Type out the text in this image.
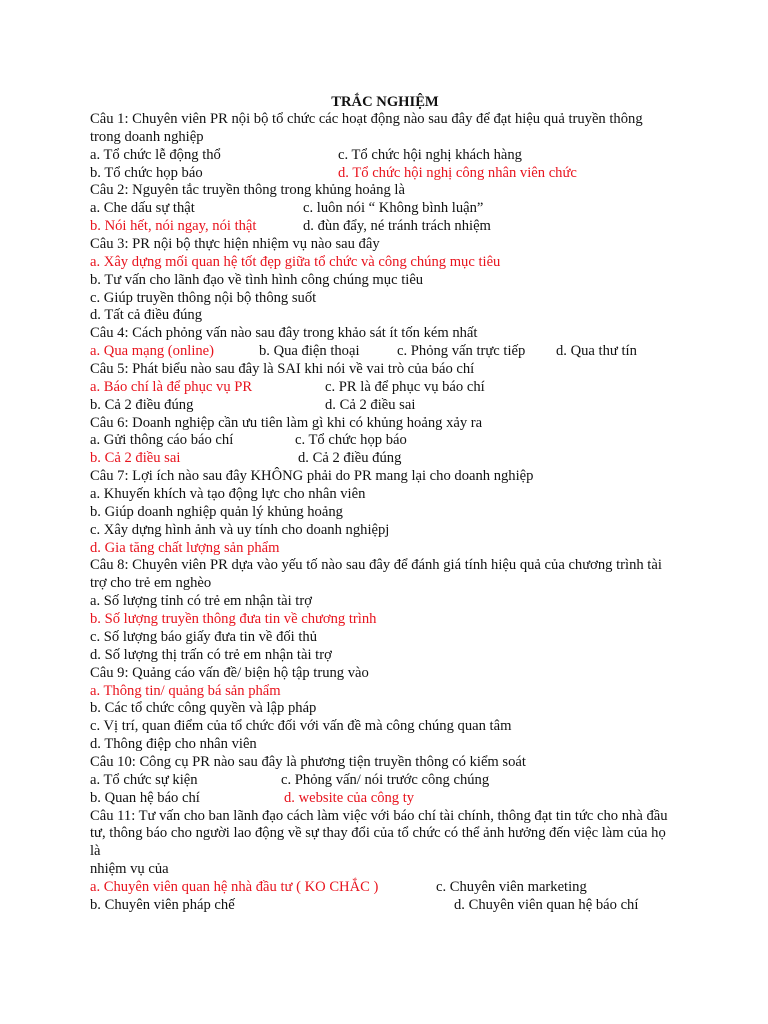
TRẮC NGHIỆM
Câu 1: Chuyên viên PR nội bộ tổ chức các hoạt động nào sau đây để đạt hiệu quả truyền thông trong doanh nghiệp
a. Tổ chức lễ động thổ	c. Tổ chức hội nghị khách hàng
b. Tổ chức họp báo	d. Tổ chức hội nghị công nhân viên chức
Câu 2: Nguyên tắc truyền thông trong khủng hoảng là
a. Che dấu sự thật	c. luôn nói “ Không bình luận”
b. Nói hết, nói ngay, nói thật	d. đùn đẩy, né tránh trách nhiệm
Câu 3: PR nội bộ thực hiện nhiệm vụ nào sau đây
a. Xây dựng mối quan hệ tốt đẹp giữa tổ chức và công chúng mục tiêu
b. Tư vấn cho lãnh đạo về tình hình công chúng mục tiêu
c. Giúp truyền thông nội bộ thông suốt
d. Tất cả điều đúng
Câu 4: Cách phỏng vấn nào sau đây trong khảo sát ít tốn kém nhất
a. Qua mạng (online)	b. Qua điện thoại	c. Phỏng vấn trực tiếp d. Qua thư tín
Câu 5: Phát biểu nào sau đây là SAI khi nói về vai trò của báo chí
a. Báo chí là để phục vụ PR	c. PR là để phục vụ báo chí
b. Cả 2 điều đúng	d. Cả 2 điều sai
Câu 6: Doanh nghiệp cần ưu tiên làm gì khi có khủng hoảng xảy ra
a. Gửi thông cáo báo chí	c. Tổ chức họp báo
b. Cả 2 điều sai	d. Cả 2 điều đúng
Câu 7: Lợi ích nào sau đây KHÔNG phải do PR mang lại cho doanh nghiệp
a. Khuyến khích và tạo động lực cho nhân viên
b. Giúp doanh nghiệp quản lý khủng hoảng
c. Xây dựng hình ảnh và uy tính cho doanh nghiệpj
d. Gia tăng chất lượng sản phẩm
Câu 8: Chuyên viên PR dựa vào yếu tố nào sau đây để đánh giá tính hiệu quả của chương trình tài trợ cho trẻ em nghèo
a. Số lượng tỉnh có trẻ em nhận tài trợ
b. Số lượng truyền thông đưa tin về chương trình
c. Số lượng báo giấy đưa tin về đối thủ
d. Số lượng thị trấn có trẻ em nhận tài trợ
Câu 9: Quảng cáo vấn đề/ biện hộ tập trung vào
a. Thông tin/ quảng bá sản phẩm
b. Các tổ chức công quyền và lập pháp
c. Vị trí, quan điểm của tổ chức đối với vấn đề mà công chúng quan tâm
d. Thông điệp cho nhân viên
Câu 10: Công cụ PR nào sau đây là phương tiện truyền thông có kiểm soát
a. Tổ chức sự kiện	c. Phỏng vấn/ nói trước công chúng
b. Quan hệ báo chí	d. website của công ty
Câu 11: Tư vấn cho ban lãnh đạo cách làm việc với báo chí tài chính, thông đạt tin tức cho nhà đầu tư, thông báo cho người lao động về sự thay đổi của tổ chức có thể ảnh hưởng đến việc làm của họ là
nhiệm vụ của
a. Chuyên viên quan hệ nhà đầu tư ( KO CHẮC )	c. Chuyên viên marketing
b. Chuyên viên pháp chế	d. Chuyên viên quan hệ báo chí
